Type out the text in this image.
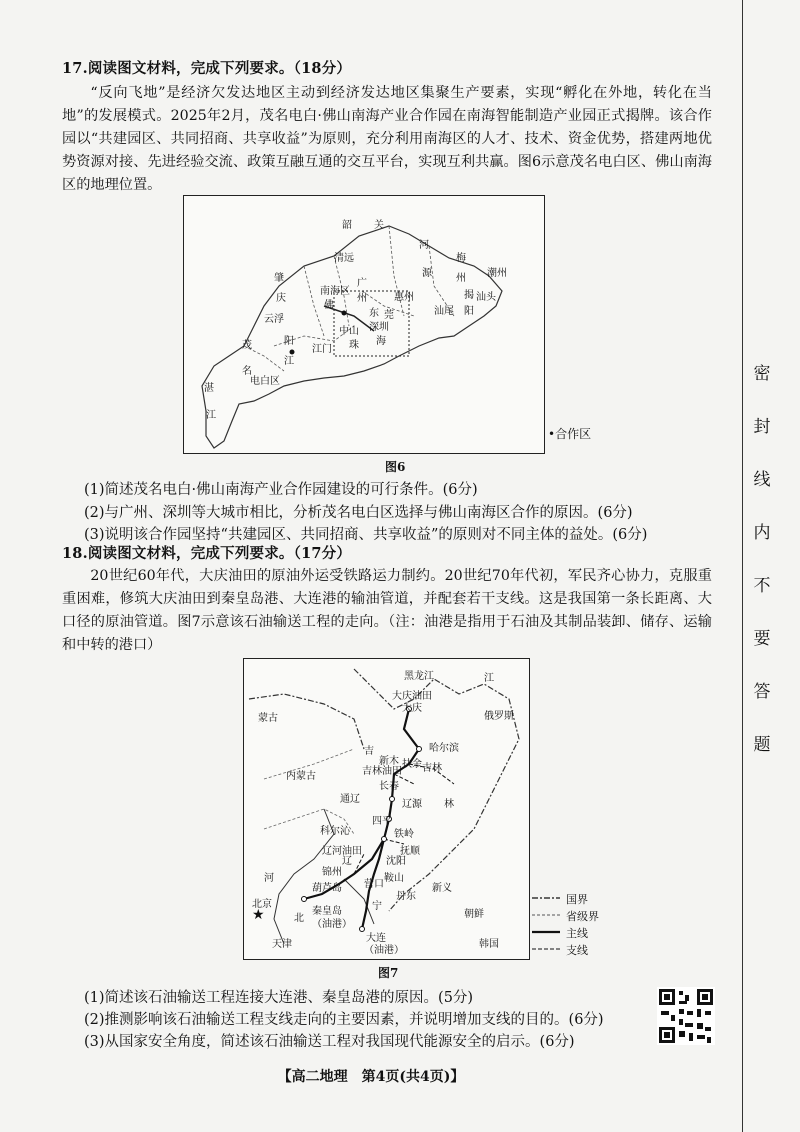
密
封
线
内
不
要
答
题
17.阅读图文材料，完成下列要求。（18分）
“反向飞地”是经济欠发达地区主动到经济发达地区集聚生产要素，实现“孵化在外地，转化在当地”的发展模式。2025年2月，茂名电白·佛山南海产业合作园在南海智能制造产业园正式揭牌。该合作园以“共建园区、共同招商、共享收益”为原则，充分利用南海区的人才、技术、资金优势，搭建两地优势资源对接、先进经验交流、政策互融互通的交互平台，实现互利共赢。图6示意茂名电白区、佛山南海区的地理位置。
韶 关
清远
河
梅
州
肇
庆
潮州
源
揭
阳
广
南海区
惠州	汕头
佛
州
东	汕尾
云浮	莞
中山 深圳
阳
江门 珠 海
茂
江
名
电白区
湛
江
•合作区
图6
(1)简述茂名电白·佛山南海产业合作园建设的可行条件。(6分)
(2)与广州、深圳等大城市相比，分析茂名电白区选择与佛山南海区合作的原因。(6分)
(3)说明该合作园坚持“共建园区、共同招商、共享收益”的原则对不同主体的益处。(6分)
18.阅读图文材料，完成下列要求。（17分）
20世纪60年代，大庆油田的原油外运受铁路运力制约。20世纪70年代初，军民齐心协力，克服重重困难，修筑大庆油田到秦皇岛港、大连港的输油管道，并配套若干支线。这是我国第一条长距离、大口径的原油管道。图7示意该石油输送工程的走向。（注：油港是指用于石油及其制品装卸、储存、运输和中转的港口）
★
黑龙江	江
大庆油田
大庆
俄罗斯
蒙古
哈尔滨
吉
新木
吉林油田
扶余
长春
吉林
内蒙古
通辽	辽源 林
四平
科尔沁	铁岭
抚顺
辽河油田
沈阳
辽
锦州
鞍山
河
葫芦岛 营口
丹东
新义
北京
北
秦皇岛	宁
朝鲜
（油港）
大连
（油港）
天津	韩国
国界
省级界
主线
支线
图7
(1)简述该石油输送工程连接大连港、秦皇岛港的原因。(5分)
(2)推测影响该石油输送工程支线走向的主要因素，并说明增加支线的目的。(6分)
(3)从国家安全角度，简述该石油输送工程对我国现代能源安全的启示。(6分)
【高二地理　第4页(共4页)】
